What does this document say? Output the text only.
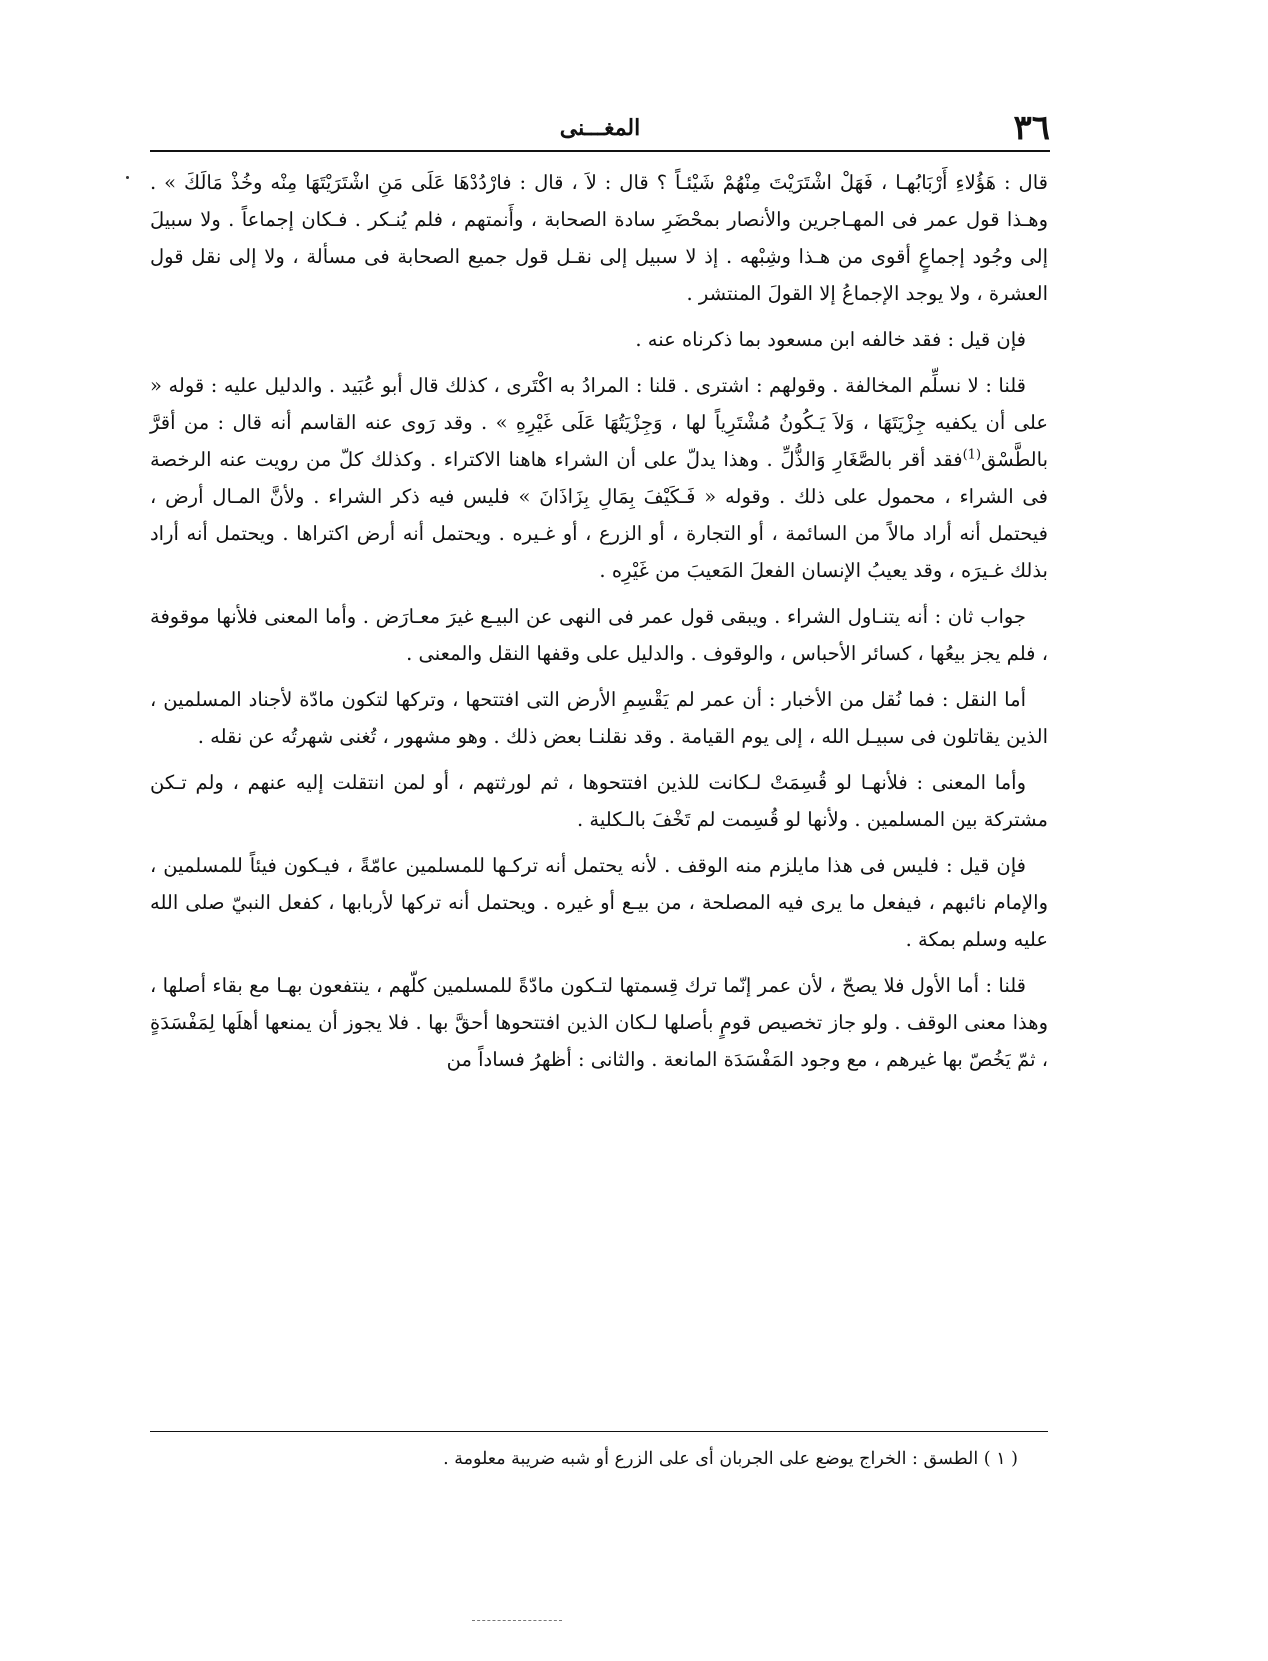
٣٦
المغـــنى

قال : هَؤُلاءِ أَرْبَابُهـا ، فَهَلْ اشْتَرَيْتَ مِنْهُمْ شَيْئـاً ؟ قال : لاَ ، قال : فارْدُدْهَا عَلَى مَنِ اشْتَرَيْتَهَا مِنْه وخُذْ مَالَكَ » . وهـذا قول عمر فى المهـاجرين والأنصار بمحْضَرِ سادة الصحابة ، وأَنمتهم ، فلم يُنـكر . فـكان إجماعاً . ولا سبيلَ إلى وجُود إجماعٍ أقوى من هـذا وشِبْهه . إذ لا سبيل إلى نقـل قول جميع الصحابة فى مسألة ، ولا إلى نقل قول العشرة ، ولا يوجد الإجماعُ إلا القولَ المنتشر .

فإن قيل : فقد خالفه ابن مسعود بما ذكرناه عنه .

قلنا : لا نسلِّم المخالفة . وقولهم : اشترى . قلنا : المرادُ به اكْتَرى ، كذلك قال أبو عُبَيد . والدليل عليه : قوله « على أن يكفيه جِزْيَتَهَا ، وَلاَ يَـكُونُ مُشْتَرِياً لها ، وَجِزْيَتُهَا عَلَى غَيْرِهِ » . وقد رَوى عنه القاسم أنه قال : من أقرَّ بالطَّسْق$^{(1)}$فقد أقر بالصَّغَارِ وَالذُّلِّ . وهذا يدلّ على أن الشراء هاهنا الاكتراء . وكذلك كلّ من رويت عنه الرخصة فى الشراء ، محمول على ذلك . وقوله « فَـكَيْفَ بِمَالِ بِزَاذَانَ » فليس فيه ذكر الشراء . ولأنَّ المـال أرض ، فيحتمل أنه أراد مالاً من السائمة ، أو التجارة ، أو الزرع ، أو غـيره . ويحتمل أنه أرض اكتراها . ويحتمل أنه أراد بذلك غـيرَه ، وقد يعيبُ الإنسان الفعلَ المَعيبَ من غَيْرِه .

جواب ثان : أنه يتنـاول الشراء . ويبقى قول عمر فى النهى عن البيـع غيرَ معـارَض . وأما المعنى فلأنها موقوفة ، فلم يجز بيعُها ، كسائر الأحباس ، والوقوف . والدليل على وقفها النقل والمعنى .

أما النقل : فما نُقل من الأخبار : أن عمر لم يَقْسِمِ الأرض التى افتتحها ، وتركها لتكون مادّة لأجناد المسلمين ، الذين يقاتلون فى سبيـل الله ، إلى يوم القيامة . وقد نقلنـا بعض ذلك . وهو مشهور ، تُغنى شهرتُه عن نقله .

وأما المعنى : فلأنهـا لو قُسِمَتْ لـكانت للذين افتتحوها ، ثم لورثتهم ، أو لمن انتقلت إليه عنهم ، ولم تـكن مشتركة بين المسلمين . ولأنها لو قُسِمت لم تَخْفَ بالـكلية .

فإن قيل : فليس فى هذا مايلزم منه الوقف . لأنه يحتمل أنه تركـها للمسلمين عامّةً ، فيـكون فيئاً للمسلمين ، والإمام نائبهم ، فيفعل ما يرى فيه المصلحة ، من بيـع أو غيره . ويحتمل أنه تركها لأربابها ، كفعل النبيّ صلى الله عليه وسلم بمكة .

قلنا : أما الأول فلا يصحّ ، لأن عمر إنّما ترك قِسمتها لتـكون مادّةً للمسلمين كلّهم ، ينتفعون بهـا مع بقاء أصلها ، وهذا معنى الوقف . ولو جاز تخصيص قومٍ بأصلها لـكان الذين افتتحوها أحقَّ بها . فلا يجوز أن يمنعها أهلَها لِمَفْسَدَةٍ ، ثمّ يَخُصّ بها غيرهم ، مع وجود المَفْسَدَة المانعة . والثانى : أظهرُ فساداً من

( ١ ) الطسق : الخراج يوضع على الجربان أى على الزرع أو شبه ضريبة معلومة .
